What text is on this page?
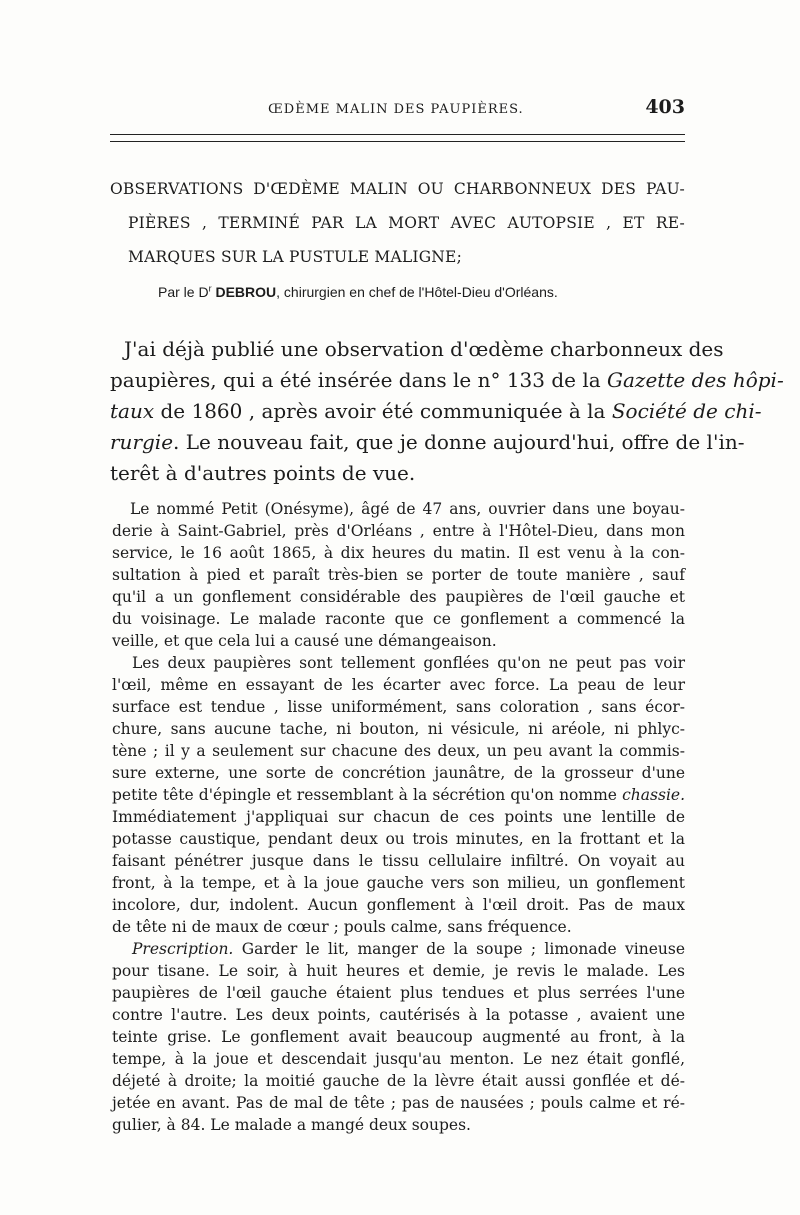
ŒDÈME MALIN DES PAUPIÈRES.	403
OBSERVATIONS D'ŒDÈME MALIN OU CHARBONNEUX DES PAU-
PIÈRES , TERMINÉ PAR LA MORT AVEC AUTOPSIE , ET RE-
MARQUES SUR LA PUSTULE MALIGNE;
Par le $D^r$ DEBROU, chirurgien en chef de l'Hôtel-Dieu d'Orléans.
J'ai déjà publié une observation d'œdème charbonneux des
paupières, qui a été insérée dans le n° 133 de la Gazette des hôpi-
taux de 1860 , après avoir été communiquée à la Société de chi-
rurgie. Le nouveau fait, que je donne aujourd'hui, offre de l'in-
terêt à d'autres points de vue.
Le nommé Petit (Onésyme), âgé de 47 ans, ouvrier dans une boyau-
derie à Saint-Gabriel, près d'Orléans , entre à l'Hôtel-Dieu, dans mon
service, le 16 août 1865, à dix heures du matin. Il est venu à la con-
sultation à pied et paraît très-bien se porter de toute manière , sauf
qu'il a un gonflement considérable des paupières de l'œil gauche et
du voisinage. Le malade raconte que ce gonflement a commencé la
veille, et que cela lui a causé une démangeaison.
Les deux paupières sont tellement gonflées qu'on ne peut pas voir
l'œil, même en essayant de les écarter avec force. La peau de leur
surface est tendue , lisse uniformément, sans coloration , sans écor-
chure, sans aucune tache, ni bouton, ni vésicule, ni aréole, ni phlyc-
tène ; il y a seulement sur chacune des deux, un peu avant la commis-
sure externe, une sorte de concrétion jaunâtre, de la grosseur d'une
petite tête d'épingle et ressemblant à la sécrétion qu'on nomme chassie.
Immédiatement j'appliquai sur chacun de ces points une lentille de
potasse caustique, pendant deux ou trois minutes, en la frottant et la
faisant pénétrer jusque dans le tissu cellulaire infiltré. On voyait au
front, à la tempe, et à la joue gauche vers son milieu, un gonflement
incolore, dur, indolent. Aucun gonflement à l'œil droit. Pas de maux
de tête ni de maux de cœur ; pouls calme, sans fréquence.
Prescription. Garder le lit, manger de la soupe ; limonade vineuse
pour tisane. Le soir, à huit heures et demie, je revis le malade. Les
paupières de l'œil gauche étaient plus tendues et plus serrées l'une
contre l'autre. Les deux points, cautérisés à la potasse , avaient une
teinte grise. Le gonflement avait beaucoup augmenté au front, à la
tempe, à la joue et descendait jusqu'au menton. Le nez était gonflé,
déjeté à droite; la moitié gauche de la lèvre était aussi gonflée et dé-
jetée en avant. Pas de mal de tête ; pas de nausées ; pouls calme et ré-
gulier, à 84. Le malade a mangé deux soupes.
